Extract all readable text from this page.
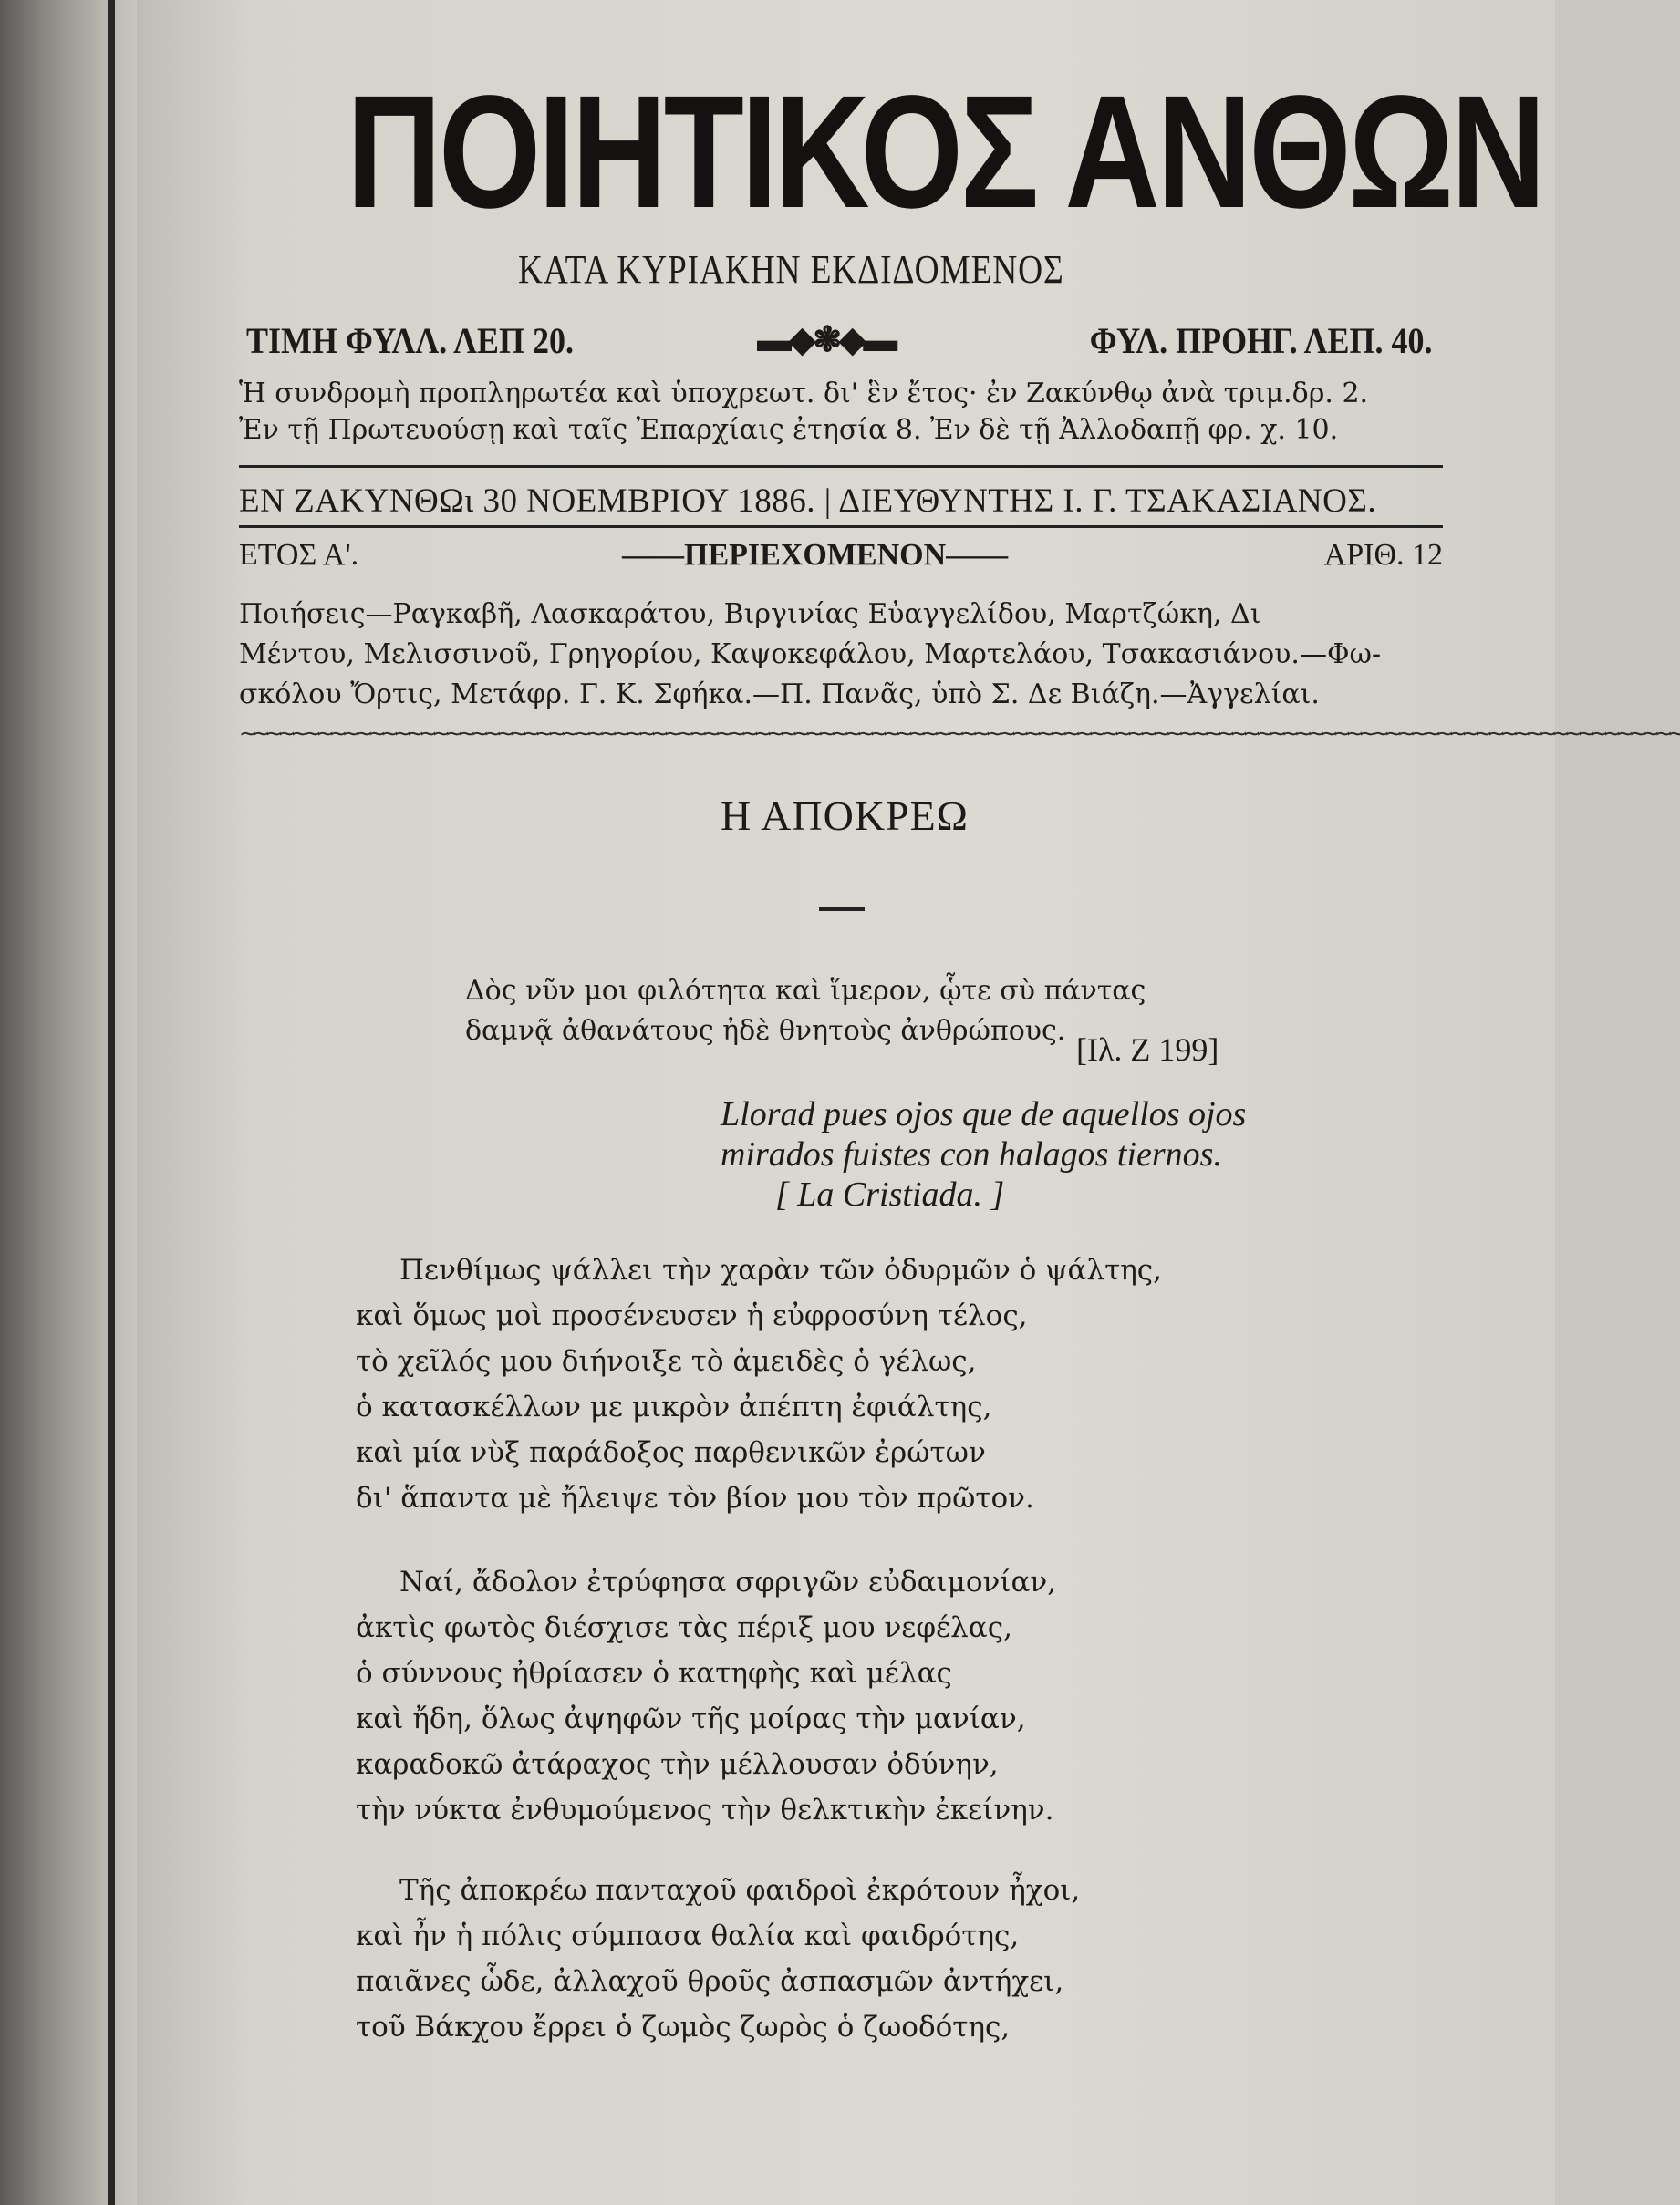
ΠΟΙΗΤΙΚΟΣ ΑΝΘΩΝ
ΚΑΤΑ ΚΥΡΙΑΚΗΝ ΕΚΔΙΔΟΜΕΝΟΣ
ΤΙΜΗ ΦΥΛΛ. ΛΕΠ 20.	▬◆❃◆▬	ΦΥΛ. ΠΡΟΗΓ. ΛΕΠ. 40.
Ἡ συνδρομὴ προπληρωτέα καὶ ὑποχρεωτ. δι' ἓν ἔτος· ἐν Ζακύνθῳ ἀνὰ τριμ.δρ. 2.
Ἐν τῇ Πρωτευούσῃ καὶ ταῖς Ἐπαρχίαις ἐτησία 8. Ἐν δὲ τῇ Ἀλλοδαπῇ φρ. χ. 10.
ΕΝ ΖΑΚΥΝΘΩι 30 ΝΟΕΜΒΡΙΟΥ 1886. | ΔΙΕΥΘΥΝΤΗΣ Ι. Γ. ΤΣΑΚΑΣΙΑΝΟΣ.
ΕΤΟΣ Α'.	——ΠΕΡΙΕΧΟΜΕΝΟΝ——	ΑΡΙΘ. 12
Ποιήσεις—Ραγκαβῆ, Λασκαράτου, Βιργινίας Εὐαγγελίδου, Μαρτζώκη, Δι
Μέντου, Μελισσινοῦ, Γρηγορίου, Καψοκεφάλου, Μαρτελάου, Τσακασιάνου.—Φω-
σκόλου Ὄρτις, Μετάφρ. Γ. Κ. Σφήκα.—Π. Πανᾶς, ὑπὸ Σ. Δε Βιάζη.—Ἀγγελίαι.
∼∼∼∼∼∼∼∼∼∼∼∼∼∼∼∼∼∼∼∼∼∼∼∼∼∼∼∼∼∼∼∼∼∼∼∼∼∼∼∼∼∼∼∼∼∼∼∼∼∼∼∼∼∼∼∼∼∼∼∼∼∼∼∼∼∼∼∼∼∼∼∼∼∼∼∼∼∼∼∼∼∼∼∼∼∼∼∼∼∼∼∼∼∼∼∼∼∼∼∼∼∼∼∼∼∼∼∼∼∼∼∼
Η ΑΠΟΚΡΕΩ
Δὸς νῦν μοι φιλότητα καὶ ἵμερον, ᾧτε σὺ πάντας
δαμνᾷ ἀθανάτους ἠδὲ θνητοὺς ἀνθρώπους.
[Ιλ. Ζ 199]
Llorad pues ojos que de aquellos ojos
mirados fuistes con halagos tiernos.
[ La Cristiada. ]
Πενθίμως ψάλλει τὴν χαρὰν τῶν ὀδυρμῶν ὁ ψάλτης,
καὶ ὅμως μοὶ προσένευσεν ἡ εὐφροσύνη τέλος,
τὸ χεῖλός μου διήνοιξε τὸ ἀμειδὲς ὁ γέλως,
ὁ κατασκέλλων με μικρὸν ἀπέπτη ἐφιάλτης,
καὶ μία νὺξ παράδοξος παρθενικῶν ἐρώτων
δι' ἅπαντα μὲ ἤλειψε τὸν βίον μου τὸν πρῶτον.
Ναί, ἄδολον ἐτρύφησα σφριγῶν εὐδαιμονίαν,
ἀκτὶς φωτὸς διέσχισε τὰς πέριξ μου νεφέλας,
ὁ σύννους ἠθρίασεν ὁ κατηφὴς καὶ μέλας
καὶ ἤδη, ὅλως ἀψηφῶν τῆς μοίρας τὴν μανίαν,
καραδοκῶ ἀτάραχος τὴν μέλλουσαν ὀδύνην,
τὴν νύκτα ἐνθυμούμενος τὴν θελκτικὴν ἐκείνην.
Τῆς ἀποκρέω πανταχοῦ φαιδροὶ ἐκρότουν ἦχοι,
καὶ ἦν ἡ πόλις σύμπασα θαλία καὶ φαιδρότης,
παιᾶνες ὧδε, ἀλλαχοῦ θροῦς ἀσπασμῶν ἀντήχει,
τοῦ Βάκχου ἔρρει ὁ ζωμὸς ζωρὸς ὁ ζωοδότης,
